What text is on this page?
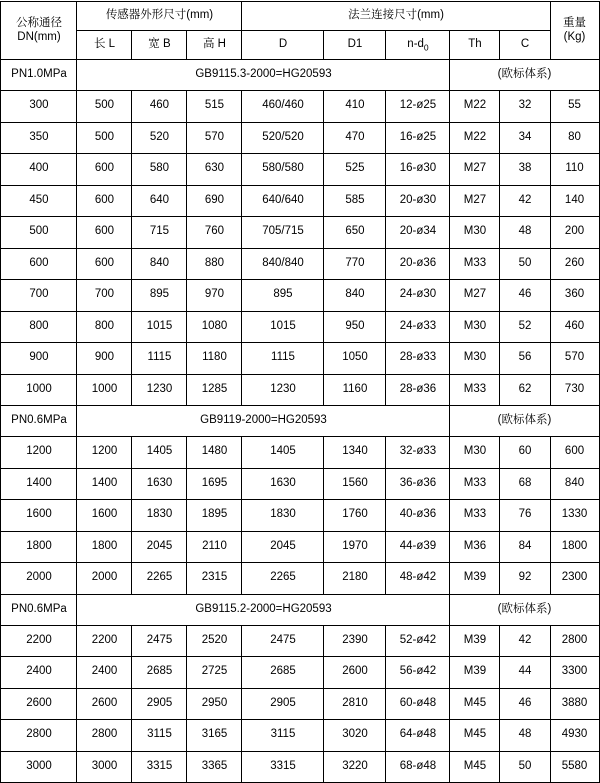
公称通径
DN(mm)	传感器外形尺寸(mm)			法兰连接尺寸(mm)					重量
(Kg)

	长 L	宽 B	高 H	D	D1	$n-d_0$	Th	C	
PN1.0MPa	GB9115.3-2000=HG20593						(欧标体系)		
300	500	460	515	460/460	410	12-ø25	M22	32	55
350	500	520	570	520/520	470	16-ø25	M22	34	80
400	600	580	630	580/580	525	16-ø30	M27	38	110
450	600	640	690	640/640	585	20-ø30	M27	42	140
500	600	715	760	705/715	650	20-ø34	M30	48	200
600	600	840	880	840/840	770	20-ø36	M33	50	260
700	700	895	970	895	840	24-ø30	M27	46	360
800	800	1015	1080	1015	950	24-ø33	M30	52	460
900	900	1115	1180	1115	1050	28-ø33	M30	56	570
1000	1000	1230	1285	1230	1160	28-ø36	M33	62	730
PN0.6MPa	GB9119-2000=HG20593						(欧标体系)		
1200	1200	1405	1480	1405	1340	32-ø33	M30	60	600
1400	1400	1630	1695	1630	1560	36-ø36	M33	68	840
1600	1600	1830	1895	1830	1760	40-ø36	M33	76	1330
1800	1800	2045	2110	2045	1970	44-ø39	M36	84	1800
2000	2000	2265	2315	2265	2180	48-ø42	M39	92	2300
PN0.6MPa	GB9115.2-2000=HG20593						(欧标体系)		
2200	2200	2475	2520	2475	2390	52-ø42	M39	42	2800
2400	2400	2685	2725	2685	2600	56-ø42	M39	44	3300
2600	2600	2905	2950	2905	2810	60-ø48	M45	46	3880
2800	2800	3115	3165	3115	3020	64-ø48	M45	48	4930
3000	3000	3315	3365	3315	3220	68-ø48	M45	50	5580
